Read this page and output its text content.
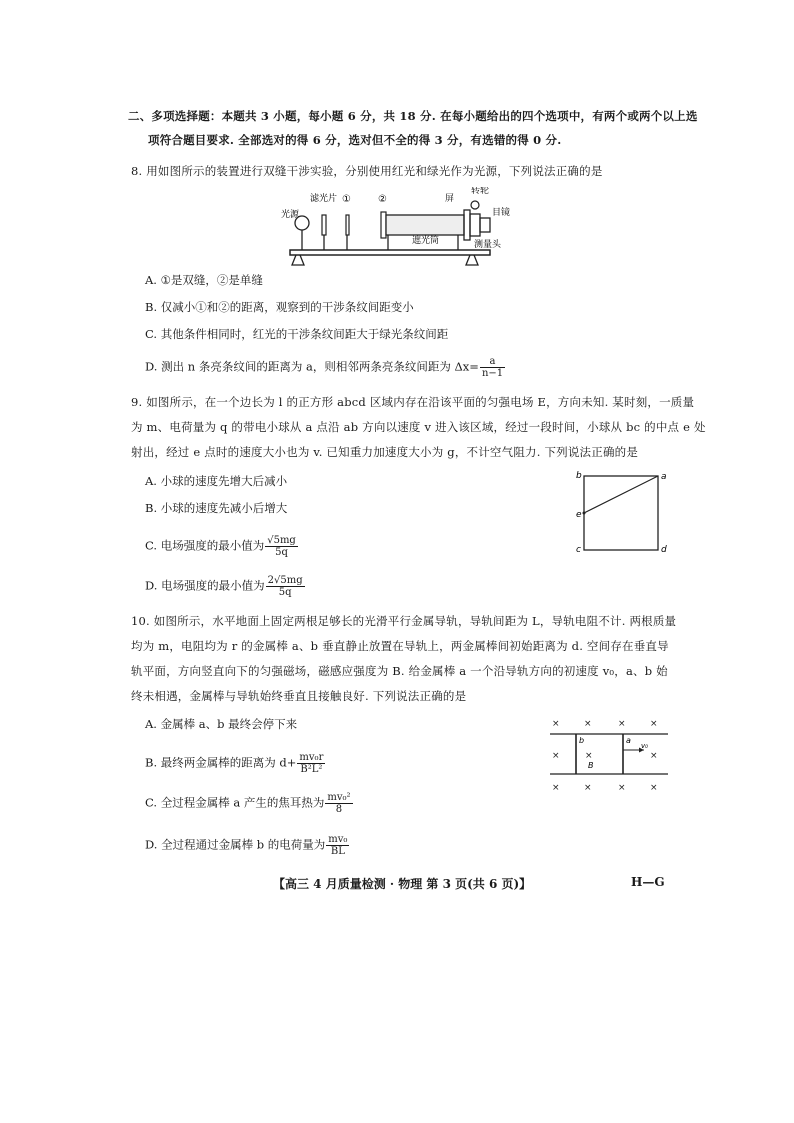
二、多项选择题：本题共 3 小题，每小题 6 分，共 18 分. 在每小题给出的四个选项中，有两个或两个以上选
项符合题目要求. 全部选对的得 6 分，选对但不全的得 3 分，有选错的得 0 分.
8. 用如图所示的装置进行双缝干涉实验，分别使用红光和绿光作为光源，下列说法正确的是
光源
滤光片 ①	②
遮光筒
屏
转轮
目镜
测量头
A. ①是双缝，②是单缝
B. 仅减小①和②的距离，观察到的干涉条纹间距变小
C. 其他条件相同时，红光的干涉条纹间距大于绿光条纹间距
D. 测出 n 条亮条纹间的距离为 a，则相邻两条亮条纹间距为 $\Delta x= \frac{a}{n-1}$
9. 如图所示，在一个边长为 l 的正方形 abcd 区域内存在沿该平面的匀强电场 E，方向未知. 某时刻，一质量
为 m、电荷量为 q 的带电小球从 a 点沿 ab 方向以速度 v 进入该区域，经过一段时间，小球从 bc 的中点 e 处
射出，经过 e 点时的速度大小也为 v. 已知重力加速度大小为 g，不计空气阻力. 下列说法正确的是
b	a
e
c	d
A. 小球的速度先增大后减小
B. 小球的速度先减小后增大
C. 电场强度的最小值为 $\frac{√5mg}{5q}$
D. 电场强度的最小值为 $\frac{2√5mg}{5q}$
10. 如图所示，水平地面上固定两根足够长的光滑平行金属导轨，导轨间距为 L，导轨电阻不计. 两根质量
均为 m，电阻均为 r 的金属棒 a、b 垂直静止放置在导轨上，两金属棒间初始距离为 d. 空间存在垂直导
轨平面，方向竖直向下的匀强磁场，磁感应强度为 B. 给金属棒 a 一个沿导轨方向的初速度 v₀，a、b 始
终未相遇，金属棒与导轨始终垂直且接触良好. 下列说法正确的是
×	×	×	×
×	×	×
×	×	×	×
b	a
B
v₀
A. 金属棒 a、b 最终会停下来
B. 最终两金属棒的距离为 $d+ \frac{\text{mv₀r}}{\text{B²L²}}$
C. 全过程金属棒 a 产生的焦耳热为 $\frac{\text{mv₀²}}{8}$
D. 全过程通过金属棒 b 的电荷量为 $\frac{\text{mv₀}}{BL}$
【高三 4 月质量检测 · 物理 第 3 页(共 6 页)】	H—G
